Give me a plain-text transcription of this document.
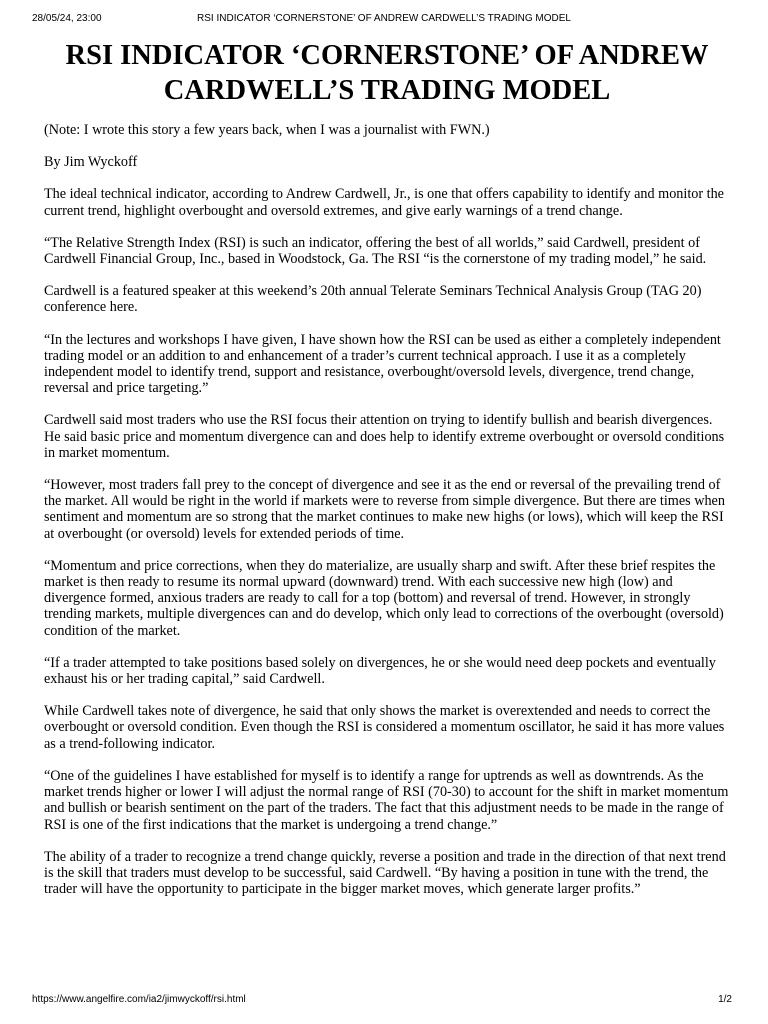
28/05/24, 23:00	RSI INDICATOR ‘CORNERSTONE’ OF ANDREW CARDWELL’S TRADING MODEL
RSI INDICATOR ‘CORNERSTONE’ OF ANDREW CARDWELL’S TRADING MODEL

(Note: I wrote this story a few years back, when I was a journalist with FWN.)

By Jim Wyckoff

The ideal technical indicator, according to Andrew Cardwell, Jr., is one that offers capability to identify and monitor the current trend, highlight overbought and oversold extremes, and give early warnings of a trend change.

“The Relative Strength Index (RSI) is such an indicator, offering the best of all worlds,” said Cardwell, president of Cardwell Financial Group, Inc., based in Woodstock, Ga. The RSI “is the cornerstone of my trading model,” he said.

Cardwell is a featured speaker at this weekend’s 20th annual Telerate Seminars Technical Analysis Group (TAG 20) conference here.

“In the lectures and workshops I have given, I have shown how the RSI can be used as either a completely independent trading model or an addition to and enhancement of a trader’s current technical approach. I use it as a completely independent model to identify trend, support and resistance, overbought/oversold levels, divergence, trend change, reversal and price targeting.”

Cardwell said most traders who use the RSI focus their attention on trying to identify bullish and bearish divergences. He said basic price and momentum divergence can and does help to identify extreme overbought or oversold conditions in market momentum.

“However, most traders fall prey to the concept of divergence and see it as the end or reversal of the prevailing trend of the market. All would be right in the world if markets were to reverse from simple divergence. But there are times when sentiment and momentum are so strong that the market continues to make new highs (or lows), which will keep the RSI at overbought (or oversold) levels for extended periods of time.

“Momentum and price corrections, when they do materialize, are usually sharp and swift. After these brief respites the market is then ready to resume its normal upward (downward) trend. With each successive new high (low) and divergence formed, anxious traders are ready to call for a top (bottom) and reversal of trend. However, in strongly trending markets, multiple divergences can and do develop, which only lead to corrections of the overbought (oversold) condition of the market.

“If a trader attempted to take positions based solely on divergences, he or she would need deep pockets and eventually exhaust his or her trading capital,” said Cardwell.

While Cardwell takes note of divergence, he said that only shows the market is overextended and needs to correct the overbought or oversold condition. Even though the RSI is considered a momentum oscillator, he said it has more values as a trend-following indicator.

“One of the guidelines I have established for myself is to identify a range for uptrends as well as downtrends. As the market trends higher or lower I will adjust the normal range of RSI (70-30) to account for the shift in market momentum and bullish or bearish sentiment on the part of the traders. The fact that this adjustment needs to be made in the range of RSI is one of the first indications that the market is undergoing a trend change.”

The ability of a trader to recognize a trend change quickly, reverse a position and trade in the direction of that next trend is the skill that traders must develop to be successful, said Cardwell. “By having a position in tune with the trend, the trader will have the opportunity to participate in the bigger market moves, which generate larger profits.”

https://www.angelfire.com/ia2/jimwyckoff/rsi.html	1/2
